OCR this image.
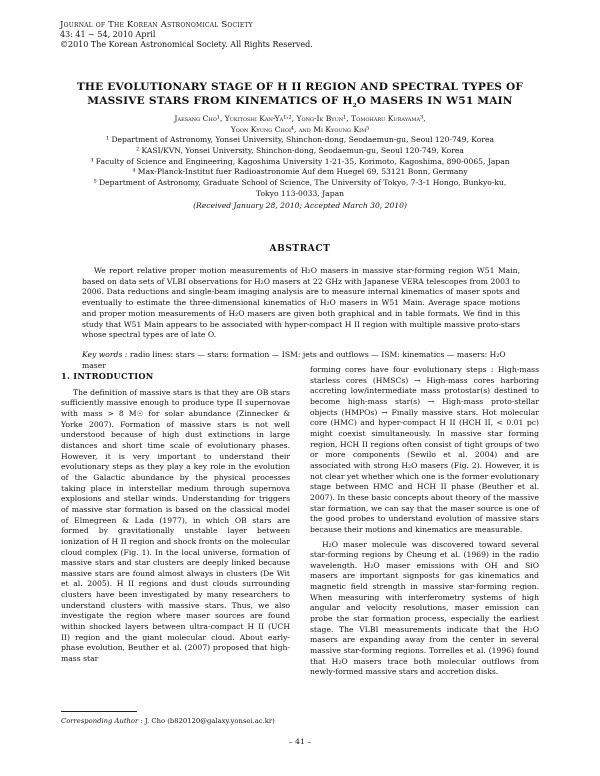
Journal of The Korean Astronomical Society
43: 41 ∼ 54, 2010 April
©2010 The Korean Astronomical Society. All Rights Reserved.
THE EVOLUTIONARY STAGE OF H II REGION AND SPECTRAL TYPES OF
MASSIVE STARS FROM KINEMATICS OF $H_2O$ MASERS IN W51 MAIN
Jaesang Cho¹, Yukitoshi Kan-Ya¹˒², Yong-Ik Byun¹, Tomoharu Kurayama³,
Yoon Kyung Choi⁴, and Mi Kyoung Kim⁵
¹ Department of Astronomy, Yonsei University, Shinchon-dong, Seodaemun-gu, Seoul 120-749, Korea
² KASI/KVN, Yonsei University, Shinchon-dong, Seodaemun-gu, Seoul 120-749, Korea
³ Faculty of Science and Engineering, Kagoshima University 1-21-35, Korimoto, Kagoshima, 890-0065, Japan
⁴ Max-Planck-Institut fuer Radioastronomie Auf dem Huegel 69, 53121 Bonn, Germany
⁵ Department of Astronomy, Graduate School of Science, The University of Tokyo, 7-3-1 Hongo, Bunkyo-ku,
Tokyo 113-0033, Japan
(Received January 28, 2010; Accepted March 30, 2010)
ABSTRACT
We report relative proper motion measurements of H₂O masers in massive star-forming region W51 Main, based on data sets of VLBI observations for H₂O masers at 22 GHz with Japanese VERA telescopes from 2003 to 2006. Data reductions and single-beam imaging analysis are to measure internal kinematics of maser spots and eventually to estimate the three-dimensional kinematics of H₂O masers in W51 Main. Average space motions and proper motion measurements of H₂O masers are given both graphical and in table formats. We find in this study that W51 Main appears to be associated with hyper-compact H II region with multiple massive proto-stars whose spectral types are of late O.
Key words : radio lines: stars — stars: formation — ISM: jets and outflows — ISM: kinematics — masers: H₂O maser
1. INTRODUCTION

The definition of massive stars is that they are OB stars sufficiently massive enough to produce type II supernovae with mass > 8 M☉ for solar abundance (Zinnecker & Yorke 2007). Formation of massive stars is not well understood because of high dust extinctions in large distances and short time scale of evolutionary phases. However, it is very important to understand their evolutionary steps as they play a key role in the evolution of the Galactic abundance by the physical processes taking place in interstellar medium through supernova explosions and stellar winds. Understanding for triggers of massive star formation is based on the classical model of Elmegreen & Lada (1977), in which OB stars are formed by gravitationally unstable layer between ionization of H II region and shock fronts on the molecular cloud complex (Fig. 1). In the local universe, formation of massive stars and star clusters are deeply linked because massive stars are found almost always in clusters (De Wit et al. 2005). H II regions and dust clouds surrounding clusters have been investigated by many researchers to understand clusters with massive stars. Thus, we also investigate the region where maser sources are found within shocked layers between ultra-compact H II (UCH II) region and the giant molecular cloud. About early-phase evolution, Beuther et al. (2007) proposed that high-mass star

forming cores have four evolutionary steps : High-mass starless cores (HMSCs) → High-mass cores harboring accreting low/intermediate mass protostar(s) destined to become high-mass star(s) → High-mass proto-stellar objects (HMPOs) → Finally massive stars. Hot molecular core (HMC) and hyper-compact H II (HCH II, < 0.01 pc) might coexist simultaneously. In massive star forming region, HCH II regions often consist of tight groups of two or more components (Sewilo et al. 2004) and are associated with strong H₂O masers (Fig. 2). However, it is not clear yet whether which one is the former evolutionary stage between HMC and HCH II phase (Beuther et al. 2007). In these basic concepts about theory of the massive star formation, we can say that the maser source is one of the good probes to understand evolution of massive stars because their motions and kinematics are measurable.

H₂O maser molecule was discovered toward several star-forming regions by Cheung et al. (1969) in the radio wavelength. H₂O maser emissions with OH and SiO masers are important signposts for gas kinematics and magnetic field strength in massive star-forming region. When measuring with interferometry systems of high angular and velocity resolutions, maser emission can probe the star formation process, especially the earliest stage. The VLBI measurements indicate that the H₂O masers are expanding away from the center in several massive star-forming regions. Torrelles et al. (1996) found that H₂O masers trace both molecular outflows from newly-formed massive stars and accretion disks.

Corresponding Author : J. Cho (b820120@galaxy.yonsei.ac.kr)
– 41 –
